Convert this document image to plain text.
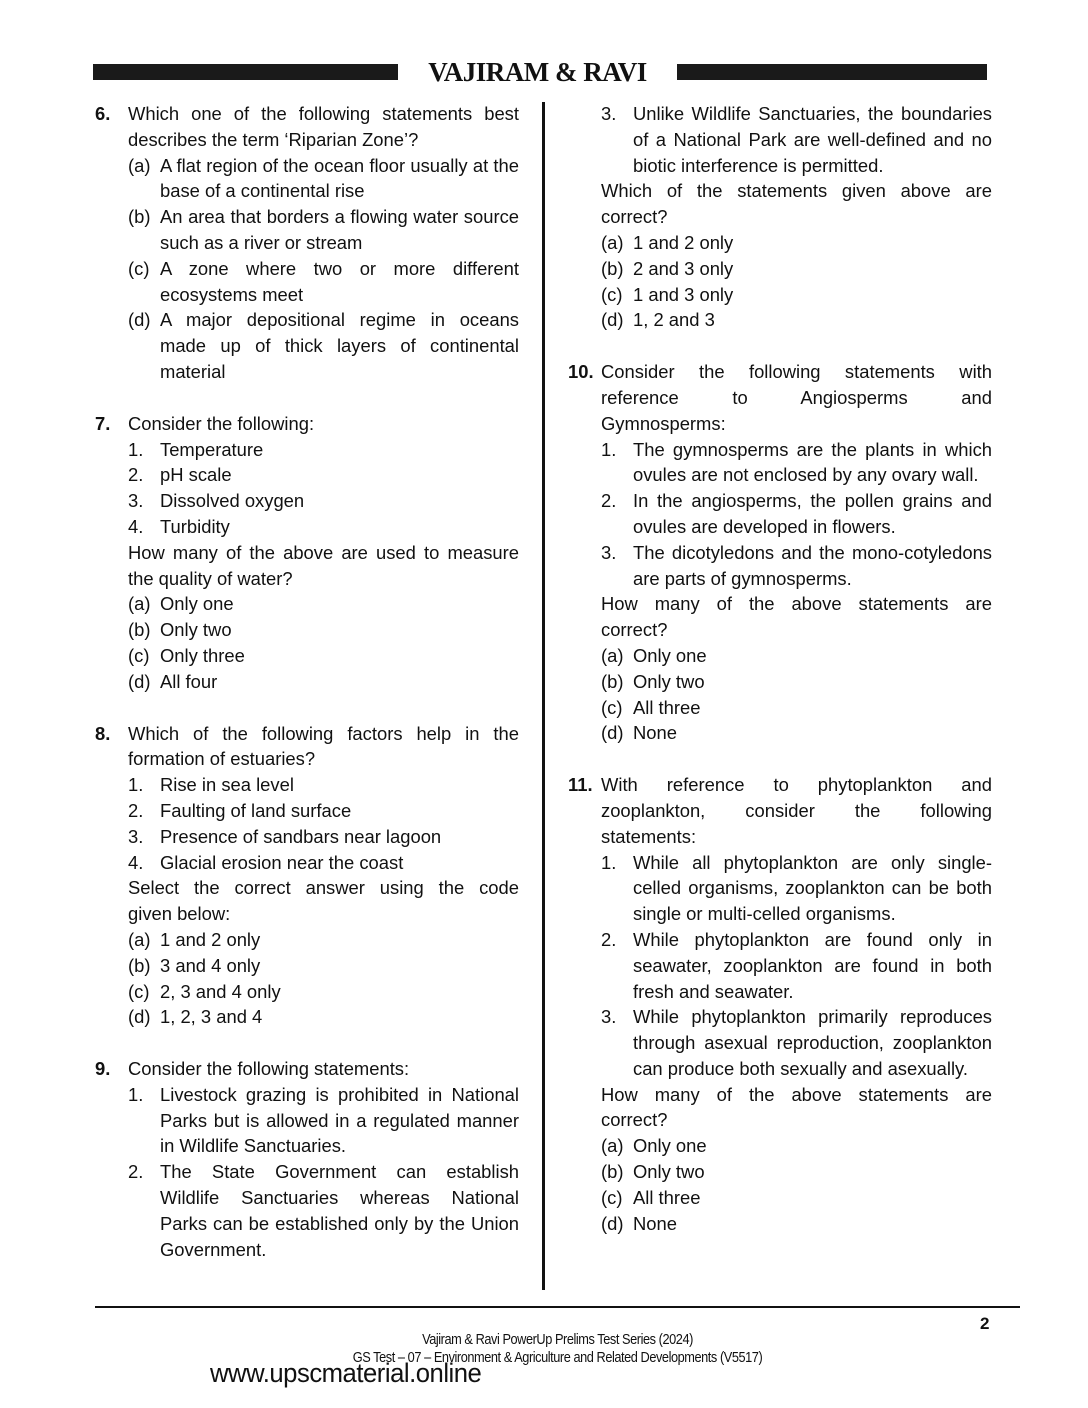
VAJIRAM & RAVI
6. Which one of the following statements best
describes the term ‘Riparian Zone’?
(a) A flat region of the ocean floor usually at the base of a continental rise
(b) An area that borders a flowing water source such as a river or stream
(c) A zone where two or more different ecosystems meet
(d) A major depositional regime in oceans made up of thick layers of continental material
7. Consider the following:
1. Temperature
2. pH scale
3. Dissolved oxygen
4. Turbidity
How many of the above are used to measure
the quality of water?
(a) Only one
(b) Only two
(c) Only three
(d) All four
8. Which of the following factors help in the
formation of estuaries?
1. Rise in sea level
2. Faulting of land surface
3. Presence of sandbars near lagoon
4. Glacial erosion near the coast
Select the correct answer using the code
given below:
(a) 1 and 2 only
(b) 3 and 4 only
(c) 2, 3 and 4 only
(d) 1, 2, 3 and 4
9. Consider the following statements:
1. Livestock grazing is prohibited in National Parks but is allowed in a regulated manner in Wildlife Sanctuaries.
2. The State Government can establish Wildlife Sanctuaries whereas National Parks can be established only by the Union Government.
3. Unlike Wildlife Sanctuaries, the boundaries of a National Park are well-defined and no biotic interference is permitted.
Which of the statements given above are
correct?
(a) 1 and 2 only
(b) 2 and 3 only
(c) 1 and 3 only
(d) 1, 2 and 3
10. Consider the following statements with
reference to Angiosperms and
Gymnosperms:
1. The gymnosperms are the plants in which ovules are not enclosed by any ovary wall.
2. In the angiosperms, the pollen grains and ovules are developed in flowers.
3. The dicotyledons and the mono-cotyledons are parts of gymnosperms.
How many of the above statements are
correct?
(a) Only one
(b) Only two
(c) All three
(d) None
11. With reference to phytoplankton and
zooplankton, consider the following
statements:
1. While all phytoplankton are only single-celled organisms, zooplankton can be both single or multi-celled organisms.
2. While phytoplankton are found only in seawater, zooplankton are found in both fresh and seawater.
3. While phytoplankton primarily reproduces through asexual reproduction, zooplankton can produce both sexually and asexually.
How many of the above statements are
correct?
(a) Only one
(b) Only two
(c) All three
(d) None
2
Vajiram & Ravi PowerUp Prelims Test Series (2024)
GS Test – 07 – Environment & Agriculture and Related Developments (V5517)
www.upscmaterial.online
